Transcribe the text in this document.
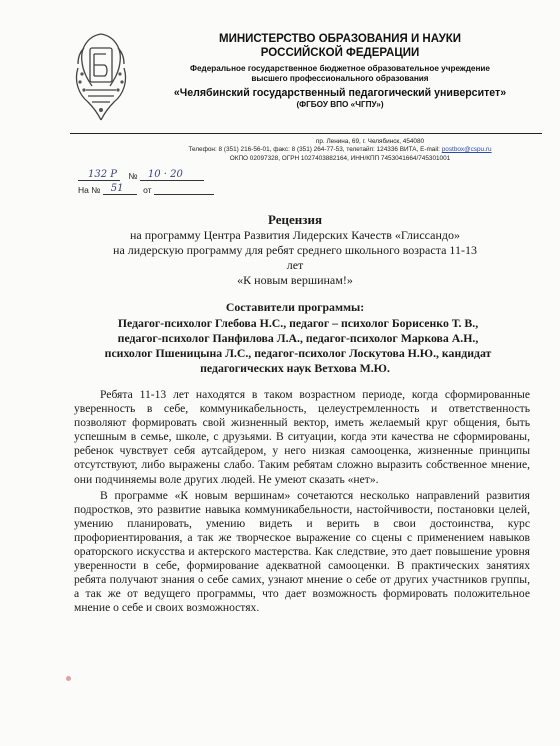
МИНИСТЕРСТВО ОБРАЗОВАНИЯ И НАУКИ
РОССИЙСКОЙ ФЕДЕРАЦИИ
Федеральное государственное бюджетное образовательное учреждение
высшего профессионального образования
«Челябинский государственный педагогический университет»
(ФГБОУ ВПО «ЧГПУ»)
пр. Ленина, 69, г. Челябинск, 454080
Телефон: 8 (351) 216-56-01, факс: 8 (351) 264-77-53, телетайп: 124336 ВИТА, E-mail: postbox@cspu.ru
ОКПО 02097328, ОГРН 1027403882164, ИНН/КПП 7453041664/745301001
132 Р № 10 · 20
На № 51 от
Рецензия
на программу Центра Развития Лидерских Качеств «Глиссандо»
на лидерскую программу для ребят среднего школьного возраста 11-13
лет
«К новым вершинам!»
Составители программы:
Педагог-психолог Глебова Н.С., педагог – психолог Борисенко Т. В.,
педагог-психолог Панфилова Л.А., педагог-психолог Маркова А.Н.,
психолог Пшеницына Л.С., педагог-психолог Лоскутова Н.Ю., кандидат
педагогических наук Ветхова М.Ю.

Ребята 11-13 лет находятся в таком возрастном периоде, когда сформированные уверенность в себе, коммуникабельность, целеустремленность и ответственность позволяют формировать свой жизненный вектор, иметь желаемый круг общения, быть успешным в семье, школе, с друзьями. В ситуации, когда эти качества не сформированы, ребенок чувствует себя аутсайдером, у него низкая самооценка, жизненные принципы отсутствуют, либо выражены слабо. Таким ребятам сложно выразить собственное мнение, они подчиняемы воле других людей. Не умеют сказать «нет».

В программе «К новым вершинам» сочетаются несколько направлений развития подростков, это развитие навыка коммуникабельности, настойчивости, постановки целей, умению планировать, умению видеть и верить в свои достоинства, курс профориентирования, а так же творческое выражение со сцены с применением навыков ораторского искусства и актерского мастерства. Как следствие, это дает повышение уровня уверенности в себе, формирование адекватной самооценки. В практических занятиях ребята получают знания о себе самих, узнают мнение о себе от других участников группы, а так же от ведущего программы, что дает возможность формировать положительное мнение о себе и своих возможностях.
